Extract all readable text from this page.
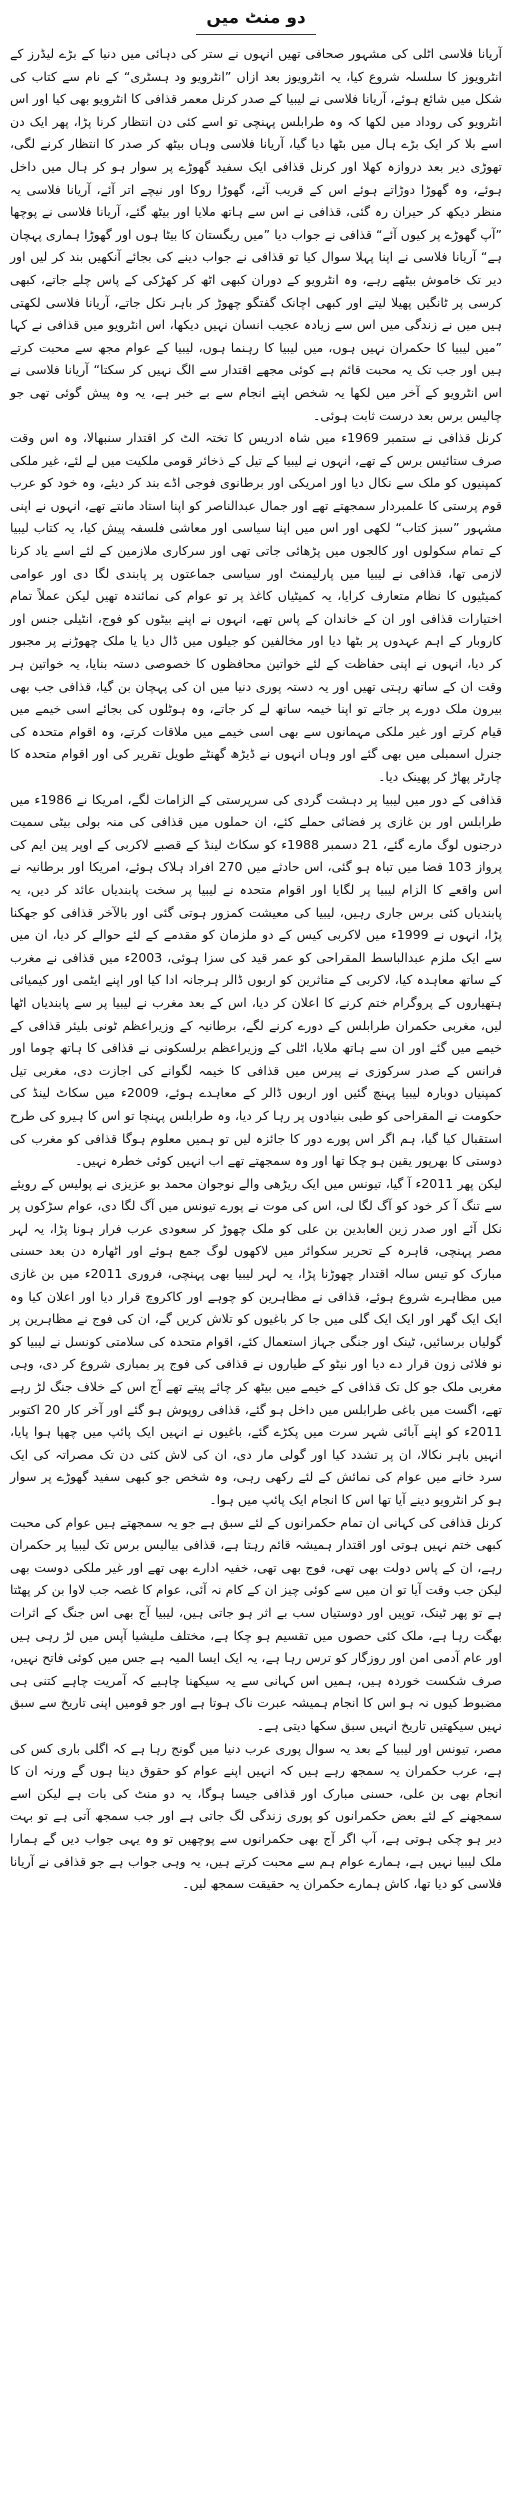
دو منٹ میں

آریانا فلاسی اٹلی کی مشہور صحافی تھیں انہوں نے ستر کی دہائی میں دنیا کے بڑے لیڈرز کے انٹرویوز کا سلسلہ شروع کیا، یہ انٹرویوز بعد ازاں ”انٹرویو ود ہسٹری“ کے نام سے کتاب کی شکل میں شائع ہوئے، آریانا فلاسی نے لیبیا کے صدر کرنل معمر قذافی کا انٹرویو بھی کیا اور اس انٹرویو کی روداد میں لکھا کہ وہ طرابلس پہنچی تو اسے کئی دن انتظار کرنا پڑا، پھر ایک دن اسے بلا کر ایک بڑے ہال میں بٹھا دیا گیا، آریانا فلاسی وہاں بیٹھ کر صدر کا انتظار کرنے لگی، تھوڑی دیر بعد دروازہ کھلا اور کرنل قذافی ایک سفید گھوڑے پر سوار ہو کر ہال میں داخل ہوئے، وہ گھوڑا دوڑاتے ہوئے اس کے قریب آئے، گھوڑا روکا اور نیچے اتر آئے، آریانا فلاسی یہ منظر دیکھ کر حیران رہ گئی، قذافی نے اس سے ہاتھ ملایا اور بیٹھ گئے، آریانا فلاسی نے پوچھا ”آپ گھوڑے پر کیوں آئے“ قذافی نے جواب دیا ”میں ریگستان کا بیٹا ہوں اور گھوڑا ہماری پہچان ہے“ آریانا فلاسی نے اپنا پہلا سوال کیا تو قذافی نے جواب دینے کی بجائے آنکھیں بند کر لیں اور دیر تک خاموش بیٹھے رہے، وہ انٹرویو کے دوران کبھی اٹھ کر کھڑکی کے پاس چلے جاتے، کبھی کرسی پر ٹانگیں پھیلا لیتے اور کبھی اچانک گفتگو چھوڑ کر باہر نکل جاتے، آریانا فلاسی لکھتی ہیں میں نے زندگی میں اس سے زیادہ عجیب انسان نہیں دیکھا، اس انٹرویو میں قذافی نے کہا ”میں لیبیا کا حکمران نہیں ہوں، میں لیبیا کا رہنما ہوں، لیبیا کے عوام مجھ سے محبت کرتے ہیں اور جب تک یہ محبت قائم ہے کوئی مجھے اقتدار سے الگ نہیں کر سکتا“ آریانا فلاسی نے اس انٹرویو کے آخر میں لکھا یہ شخص اپنے انجام سے بے خبر ہے، یہ وہ پیش گوئی تھی جو چالیس برس بعد درست ثابت ہوئی۔

کرنل قذافی نے ستمبر 1969ء میں شاہ ادریس کا تختہ الٹ کر اقتدار سنبھالا، وہ اس وقت صرف ستائیس برس کے تھے، انہوں نے لیبیا کے تیل کے ذخائر قومی ملکیت میں لے لئے، غیر ملکی کمپنیوں کو ملک سے نکال دیا اور امریکی اور برطانوی فوجی اڈے بند کر دیئے، وہ خود کو عرب قوم پرستی کا علمبردار سمجھتے تھے اور جمال عبدالناصر کو اپنا استاد مانتے تھے، انہوں نے اپنی مشہور ”سبز کتاب“ لکھی اور اس میں اپنا سیاسی اور معاشی فلسفہ پیش کیا، یہ کتاب لیبیا کے تمام سکولوں اور کالجوں میں پڑھائی جاتی تھی اور سرکاری ملازمین کے لئے اسے یاد کرنا لازمی تھا، قذافی نے لیبیا میں پارلیمنٹ اور سیاسی جماعتوں پر پابندی لگا دی اور عوامی کمیٹیوں کا نظام متعارف کرایا، یہ کمیٹیاں کاغذ پر تو عوام کی نمائندہ تھیں لیکن عملاً تمام اختیارات قذافی اور ان کے خاندان کے پاس تھے، انہوں نے اپنے بیٹوں کو فوج، انٹیلی جنس اور کاروبار کے اہم عہدوں پر بٹھا دیا اور مخالفین کو جیلوں میں ڈال دیا یا ملک چھوڑنے پر مجبور کر دیا، انہوں نے اپنی حفاظت کے لئے خواتین محافظوں کا خصوصی دستہ بنایا، یہ خواتین ہر وقت ان کے ساتھ رہتی تھیں اور یہ دستہ پوری دنیا میں ان کی پہچان بن گیا، قذافی جب بھی بیرون ملک دورے پر جاتے تو اپنا خیمہ ساتھ لے کر جاتے، وہ ہوٹلوں کی بجائے اسی خیمے میں قیام کرتے اور غیر ملکی مہمانوں سے بھی اسی خیمے میں ملاقات کرتے، وہ اقوام متحدہ کی جنرل اسمبلی میں بھی گئے اور وہاں انہوں نے ڈیڑھ گھنٹے طویل تقریر کی اور اقوام متحدہ کا چارٹر پھاڑ کر پھینک دیا۔

قذافی کے دور میں لیبیا پر دہشت گردی کی سرپرستی کے الزامات لگے، امریکا نے 1986ء میں طرابلس اور بن غازی پر فضائی حملے کئے، ان حملوں میں قذافی کی منہ بولی بیٹی سمیت درجنوں لوگ مارے گئے، 21 دسمبر 1988ء کو سکاٹ لینڈ کے قصبے لاکربی کے اوپر پین ایم کی پرواز 103 فضا میں تباہ ہو گئی، اس حادثے میں 270 افراد ہلاک ہوئے، امریکا اور برطانیہ نے اس واقعے کا الزام لیبیا پر لگایا اور اقوام متحدہ نے لیبیا پر سخت پابندیاں عائد کر دیں، یہ پابندیاں کئی برس جاری رہیں، لیبیا کی معیشت کمزور ہوتی گئی اور بالآخر قذافی کو جھکنا پڑا، انہوں نے 1999ء میں لاکربی کیس کے دو ملزمان کو مقدمے کے لئے حوالے کر دیا، ان میں سے ایک ملزم عبدالباسط المقراحی کو عمر قید کی سزا ہوئی، 2003ء میں قذافی نے مغرب کے ساتھ معاہدہ کیا، لاکربی کے متاثرین کو اربوں ڈالر ہرجانہ ادا کیا اور اپنے ایٹمی اور کیمیائی ہتھیاروں کے پروگرام ختم کرنے کا اعلان کر دیا، اس کے بعد مغرب نے لیبیا پر سے پابندیاں اٹھا لیں، مغربی حکمران طرابلس کے دورے کرنے لگے، برطانیہ کے وزیراعظم ٹونی بلیئر قذافی کے خیمے میں گئے اور ان سے ہاتھ ملایا، اٹلی کے وزیراعظم برلسکونی نے قذافی کا ہاتھ چوما اور فرانس کے صدر سرکوزی نے پیرس میں قذافی کا خیمہ لگوانے کی اجازت دی، مغربی تیل کمپنیاں دوبارہ لیبیا پہنچ گئیں اور اربوں ڈالر کے معاہدے ہوئے، 2009ء میں سکاٹ لینڈ کی حکومت نے المقراحی کو طبی بنیادوں پر رہا کر دیا، وہ طرابلس پہنچا تو اس کا ہیرو کی طرح استقبال کیا گیا، ہم اگر اس پورے دور کا جائزہ لیں تو ہمیں معلوم ہوگا قذافی کو مغرب کی دوستی کا بھرپور یقین ہو چکا تھا اور وہ سمجھتے تھے اب انہیں کوئی خطرہ نہیں۔

لیکن پھر 2011ء آ گیا، تیونس میں ایک ریڑھی والے نوجوان محمد بو عزیزی نے پولیس کے رویئے سے تنگ آ کر خود کو آگ لگا لی، اس کی موت نے پورے تیونس میں آگ لگا دی، عوام سڑکوں پر نکل آئے اور صدر زین العابدین بن علی کو ملک چھوڑ کر سعودی عرب فرار ہونا پڑا، یہ لہر مصر پہنچی، قاہرہ کے تحریر سکوائر میں لاکھوں لوگ جمع ہوئے اور اٹھارہ دن بعد حسنی مبارک کو تیس سالہ اقتدار چھوڑنا پڑا، یہ لہر لیبیا بھی پہنچی، فروری 2011ء میں بن غازی میں مظاہرے شروع ہوئے، قذافی نے مظاہرین کو چوہے اور کاکروچ قرار دیا اور اعلان کیا وہ ایک ایک گھر اور ایک ایک گلی میں جا کر باغیوں کو تلاش کریں گے، ان کی فوج نے مظاہرین پر گولیاں برسائیں، ٹینک اور جنگی جہاز استعمال کئے، اقوام متحدہ کی سلامتی کونسل نے لیبیا کو نو فلائی زون قرار دے دیا اور نیٹو کے طیاروں نے قذافی کی فوج پر بمباری شروع کر دی، وہی مغربی ملک جو کل تک قذافی کے خیمے میں بیٹھ کر چائے پیتے تھے آج اس کے خلاف جنگ لڑ رہے تھے، اگست میں باغی طرابلس میں داخل ہو گئے، قذافی روپوش ہو گئے اور آخر کار 20 اکتوبر 2011ء کو اپنے آبائی شہر سرت میں پکڑے گئے، باغیوں نے انہیں ایک پائپ میں چھپا ہوا پایا، انہیں باہر نکالا، ان پر تشدد کیا اور گولی مار دی، ان کی لاش کئی دن تک مصراتہ کی ایک سرد خانے میں عوام کی نمائش کے لئے رکھی رہی، وہ شخص جو کبھی سفید گھوڑے پر سوار ہو کر انٹرویو دینے آیا تھا اس کا انجام ایک پائپ میں ہوا۔

کرنل قذافی کی کہانی ان تمام حکمرانوں کے لئے سبق ہے جو یہ سمجھتے ہیں عوام کی محبت کبھی ختم نہیں ہوتی اور اقتدار ہمیشہ قائم رہتا ہے، قذافی بیالیس برس تک لیبیا پر حکمران رہے، ان کے پاس دولت بھی تھی، فوج بھی تھی، خفیہ ادارے بھی تھے اور غیر ملکی دوست بھی لیکن جب وقت آیا تو ان میں سے کوئی چیز ان کے کام نہ آئی، عوام کا غصہ جب لاوا بن کر پھٹتا ہے تو پھر ٹینک، توپیں اور دوستیاں سب بے اثر ہو جاتی ہیں، لیبیا آج بھی اس جنگ کے اثرات بھگت رہا ہے، ملک کئی حصوں میں تقسیم ہو چکا ہے، مختلف ملیشیا آپس میں لڑ رہی ہیں اور عام آدمی امن اور روزگار کو ترس رہا ہے، یہ ایک ایسا المیہ ہے جس میں کوئی فاتح نہیں، صرف شکست خوردہ ہیں، ہمیں اس کہانی سے یہ سیکھنا چاہیے کہ آمریت چاہے کتنی ہی مضبوط کیوں نہ ہو اس کا انجام ہمیشہ عبرت ناک ہوتا ہے اور جو قومیں اپنی تاریخ سے سبق نہیں سیکھتیں تاریخ انہیں سبق سکھا دیتی ہے۔

مصر، تیونس اور لیبیا کے بعد یہ سوال پوری عرب دنیا میں گونج رہا ہے کہ اگلی باری کس کی ہے، عرب حکمران یہ سمجھ رہے ہیں کہ انہیں اپنے عوام کو حقوق دینا ہوں گے ورنہ ان کا انجام بھی بن علی، حسنی مبارک اور قذافی جیسا ہوگا، یہ دو منٹ کی بات ہے لیکن اسے سمجھنے کے لئے بعض حکمرانوں کو پوری زندگی لگ جاتی ہے اور جب سمجھ آتی ہے تو بہت دیر ہو چکی ہوتی ہے، آپ اگر آج بھی حکمرانوں سے پوچھیں تو وہ یہی جواب دیں گے ہمارا ملک لیبیا نہیں ہے، ہمارے عوام ہم سے محبت کرتے ہیں، یہ وہی جواب ہے جو قذافی نے آریانا فلاسی کو دیا تھا، کاش ہمارے حکمران یہ حقیقت سمجھ لیں۔
